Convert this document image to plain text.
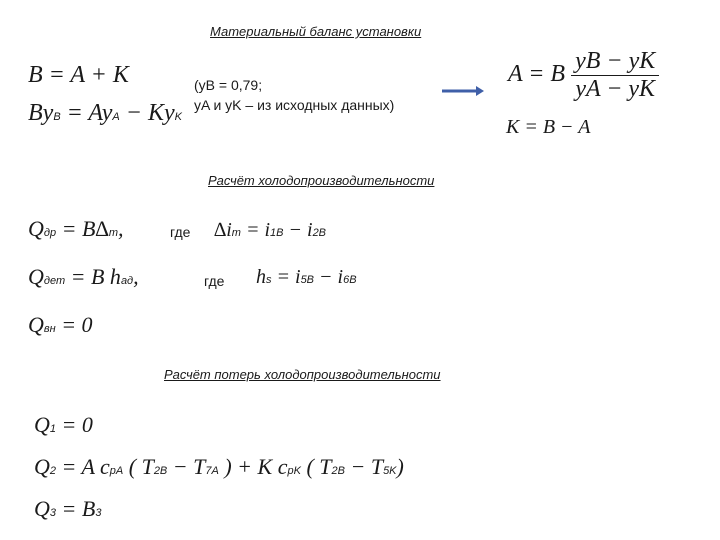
Материальный баланс установки
B = A + K
ByB = AyA − KyK
(yB = 0,79;
yA и yK – из исходных данных)
A = B $\frac{yB - yK}{yA - yK}$
K = B − A
Расчёт холодопроизводительности
Qдр = B∆т,	где ∆iт = i1B − i2B
Qдет = B hад,	где hs = i5B − i6B
Qвн = 0
Расчёт потерь холодопроизводительности
Q1 = 0
Q2 = A cpA ( T2B − T7A ) + K cpK ( T2B − T5K)
Q3 = B3
